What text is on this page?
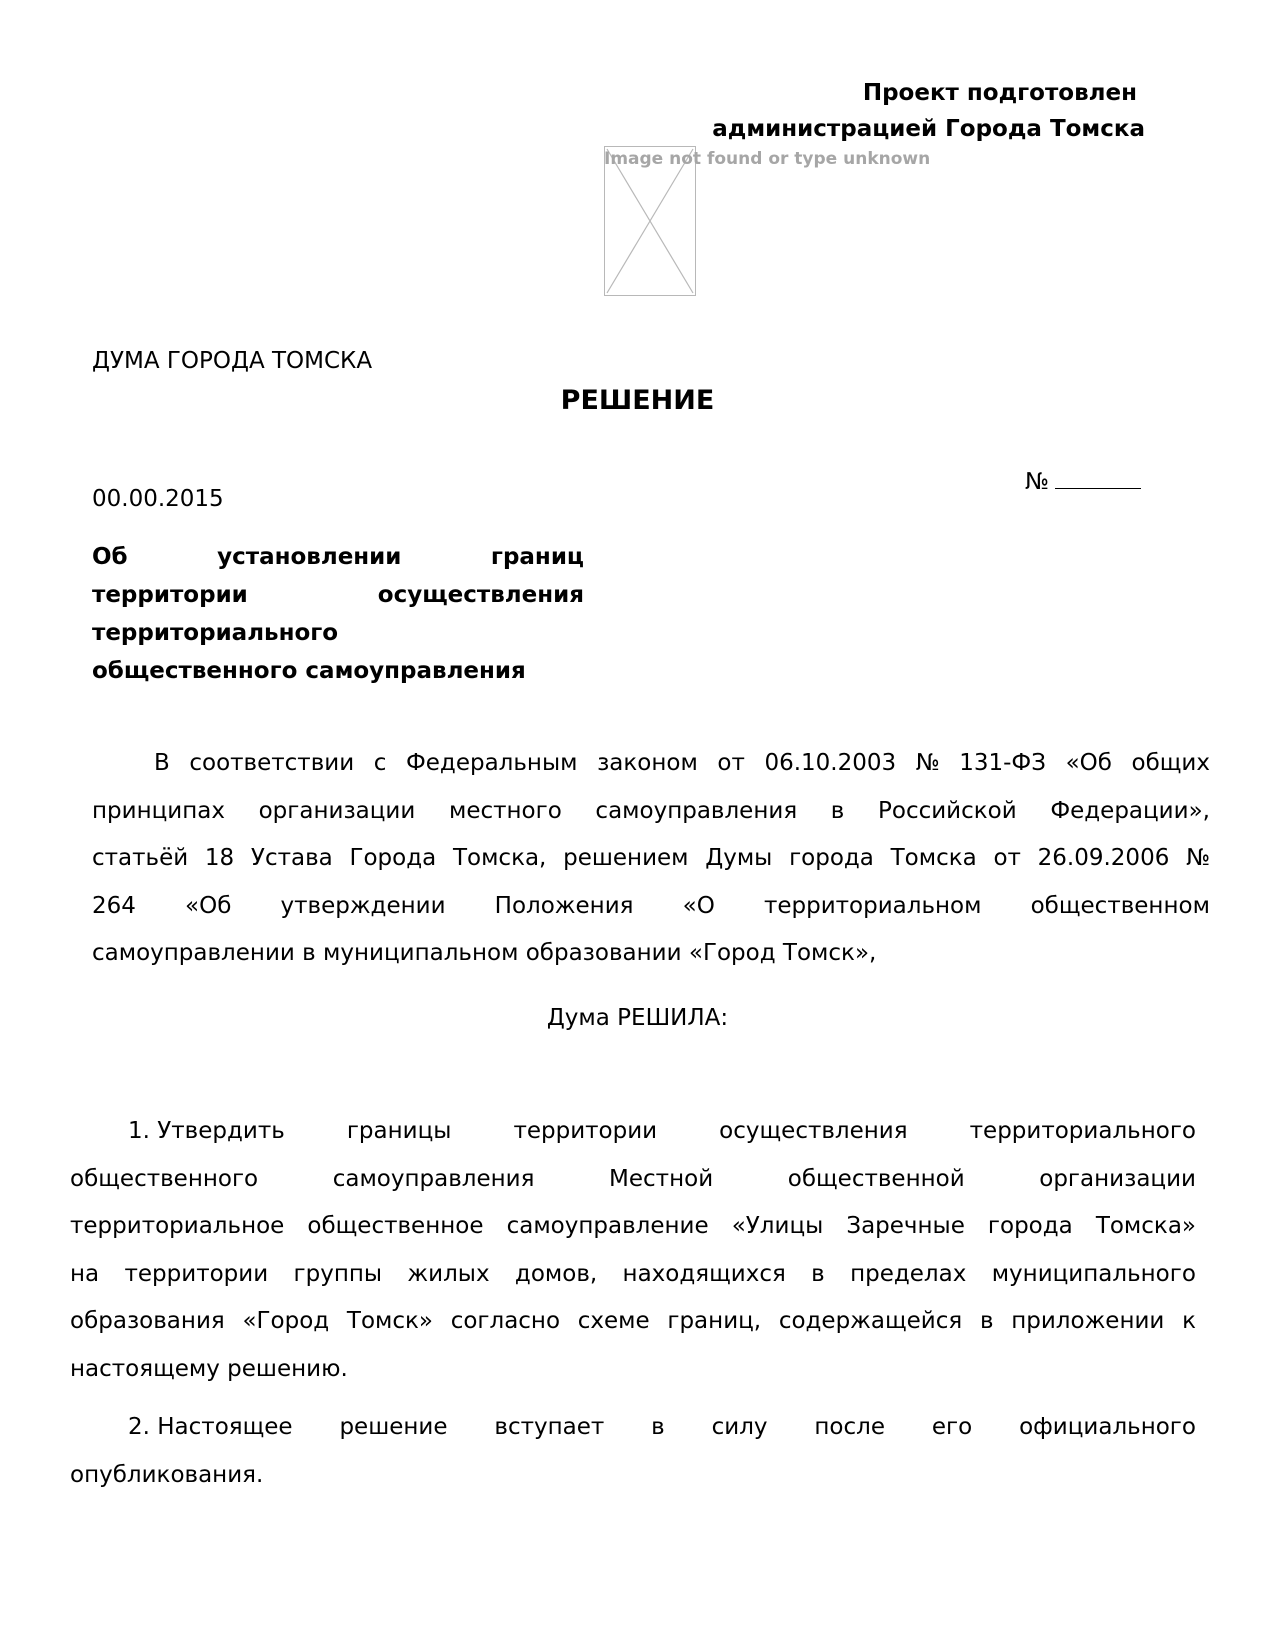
Проект подготовлен
администрацией Города Томска
Image not found or type unknown
ДУМА ГОРОДА ТОМСКА
РЕШЕНИЕ
00.00.2015
№
Об	установлении	границ
территории	осуществления
территориального
общественного самоуправления
В соответствии с Федеральным законом от 06.10.2003 № 131-ФЗ «Об общих
принципах организации местного самоуправления в Российской Федерации»,
статьёй 18 Устава Города Томска, решением Думы города Томска от 26.09.2006 №
264 «Об утверждении Положения «О территориальном общественном
самоуправлении в муниципальном образовании «Город Томск»,
Дума РЕШИЛА:
1. Утвердить	границы	территории	осуществления	территориального
общественного	самоуправления	Местной	общественной	организации
территориальное общественное самоуправление «Улицы Заречные города Томска»
на территории группы жилых домов, находящихся в пределах муниципального
образования «Город Томск» согласно схеме границ, содержащейся в приложении к
настоящему решению.
2. Настоящее решение вступает в силу после его официального
опубликования.
